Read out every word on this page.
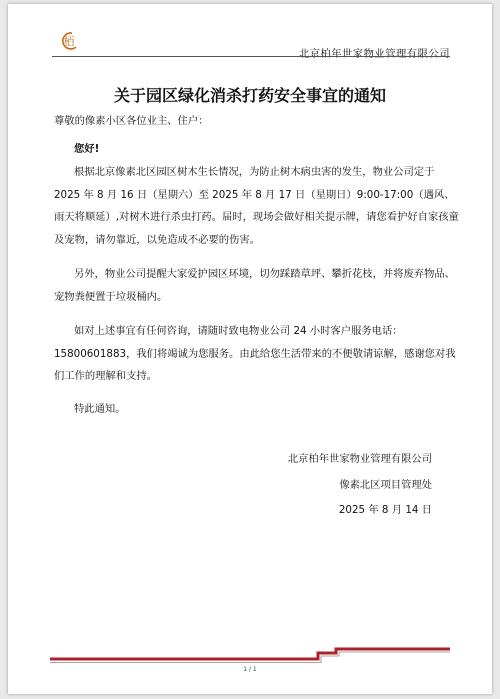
栢
北京柏年世家物业管理有限公司
关于园区绿化消杀打药安全事宜的通知
尊敬的像素小区各位业主、住户：
您好!
根据北京像素北区园区树木生长情况，为防止树木病虫害的发生，物业公司定于 2025 年 8 月 16 日（星期六）至 2025 年 8 月 17 日（星期日）9:00-17:00（遇风、雨天将顺延）,对树木进行杀虫打药。届时，现场会做好相关提示牌，请您看护好自家孩童及宠物，请勿靠近，以免造成不必要的伤害。
另外，物业公司提醒大家爱护园区环境，切勿踩踏草坪、攀折花枝，并将废弃物品、宠物粪便置于垃圾桶内。
如对上述事宜有任何咨询，请随时致电物业公司 24 小时客户服务电话：15800601883，我们将竭诚为您服务。由此给您生活带来的不便敬请谅解，感谢您对我们工作的理解和支持。
特此通知。
北京柏年世家物业管理有限公司
像素北区项目管理处
2025 年 8 月 14 日
1 / 1
